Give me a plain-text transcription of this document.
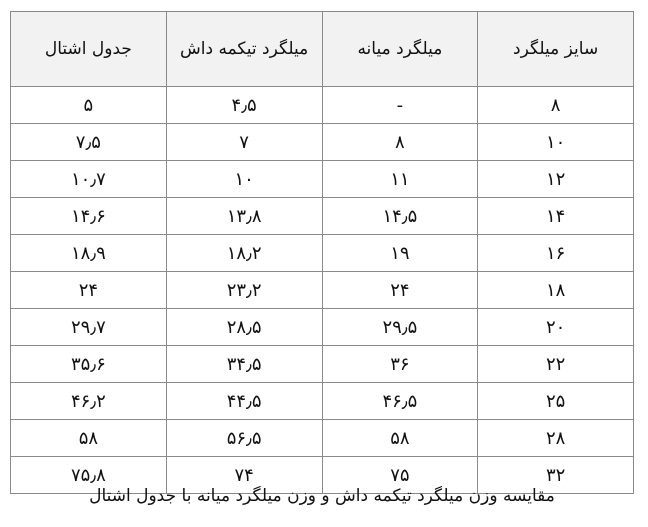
سایز میلگرد	میلگرد میانه	میلگرد تیکمه داش	جدول اشتال
۸	-	۴٫۵	۵
۱۰	۸	۷	۷٫۵
۱۲	۱۱	۱۰	۱۰٫۷
۱۴	۱۴٫۵	۱۳٫۸	۱۴٫۶
۱۶	۱۹	۱۸٫۲	۱۸٫۹
۱۸	۲۴	۲۳٫۲	۲۴
۲۰	۲۹٫۵	۲۸٫۵	۲۹٫۷
۲۲	۳۶	۳۴٫۵	۳۵٫۶
۲۵	۴۶٫۵	۴۴٫۵	۴۶٫۲
۲۸	۵۸	۵۶٫۵	۵۸
۳۲	۷۵	۷۴	۷۵٫۸
مقایسه وزن میلگرد تیکمه داش و وزن میلگرد میانه با جدول اشتال
